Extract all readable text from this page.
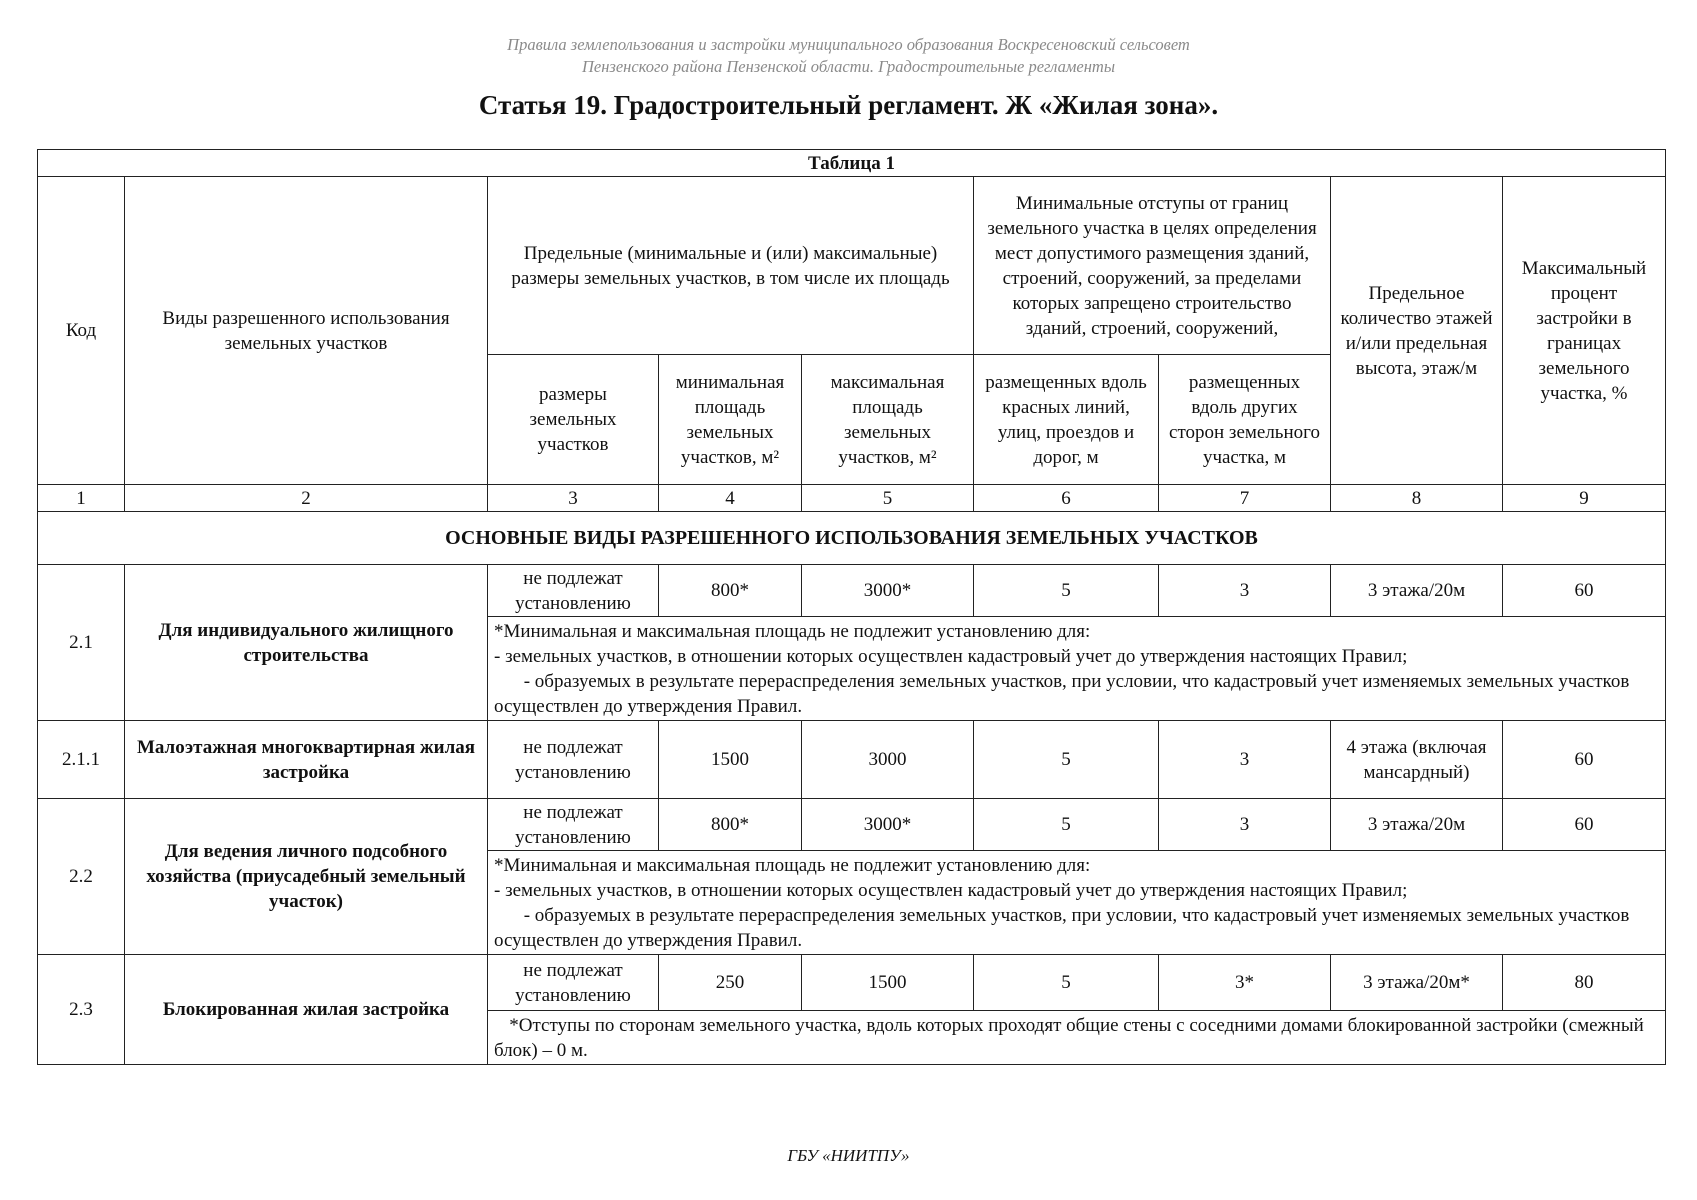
Правила землепользования и застройки муниципального образования Воскресеновский сельсовет
Пензенского района Пензенской области. Градостроительные регламенты
Статья 19. Градостроительный регламент. Ж «Жилая зона».
Таблица 1								
Код	Виды разрешенного использования земельных участков	Предельные (минимальные и (или) максимальные) размеры земельных участков, в том числе их площадь			Минимальные отступы от границ земельного участка в целях определения мест допустимого размещения зданий, строений, сооружений, за пределами которых запрещено строительство зданий, строений, сооружений,		Предельное количество этажей и/или предельная высота, этаж/м	Максимальный процент застройки в границах земельного участка, %
		размеры земельных участков	минимальная площадь земельных участков, м²	максимальная площадь земельных участков, м²	размещенных вдоль красных линий, улиц, проездов и дорог, м	размещенных вдоль других сторон земельного участка, м		
1	2	3	4	5	6	7	8	9
ОСНОВНЫЕ ВИДЫ РАЗРЕШЕННОГО ИСПОЛЬЗОВАНИЯ ЗЕМЕЛЬНЫХ УЧАСТКОВ								
2.1	Для индивидуального жилищного строительства	не подлежат установлению	800*	3000*	5	3	3 этажа/20м	60

		*Минимальная и максимальная площадь не подлежит установлению для:
- земельных участков, в отношении которых осуществлен кадастровый учет до утверждения настоящих Правил;
- образуемых в результате перераспределения земельных участков, при условии, что кадастровый учет изменяемых земельных участков осуществлен до утверждения Правил.						

2.1.1	Малоэтажная многоквартирная жилая застройка	не подлежат установлению	1500	3000	5	3	4 этажа (включая мансардный)	60
2.2	Для ведения личного подсобного хозяйства (приусадебный земельный участок)	не подлежат установлению	800*	3000*	5	3	3 этажа/20м	60

		*Минимальная и максимальная площадь не подлежит установлению для:
- земельных участков, в отношении которых осуществлен кадастровый учет до утверждения настоящих Правил;
- образуемых в результате перераспределения земельных участков, при условии, что кадастровый учет изменяемых земельных участков осуществлен до утверждения Правил.						

2.3	Блокированная жилая застройка	не подлежат установлению	250	1500	5	3*	3 этажа/20м*	80

		*Отступы по сторонам земельного участка, вдоль которых проходят общие стены с соседними домами блокированной застройки (смежный блок) – 0 м.						
ГБУ «НИИТПУ»
